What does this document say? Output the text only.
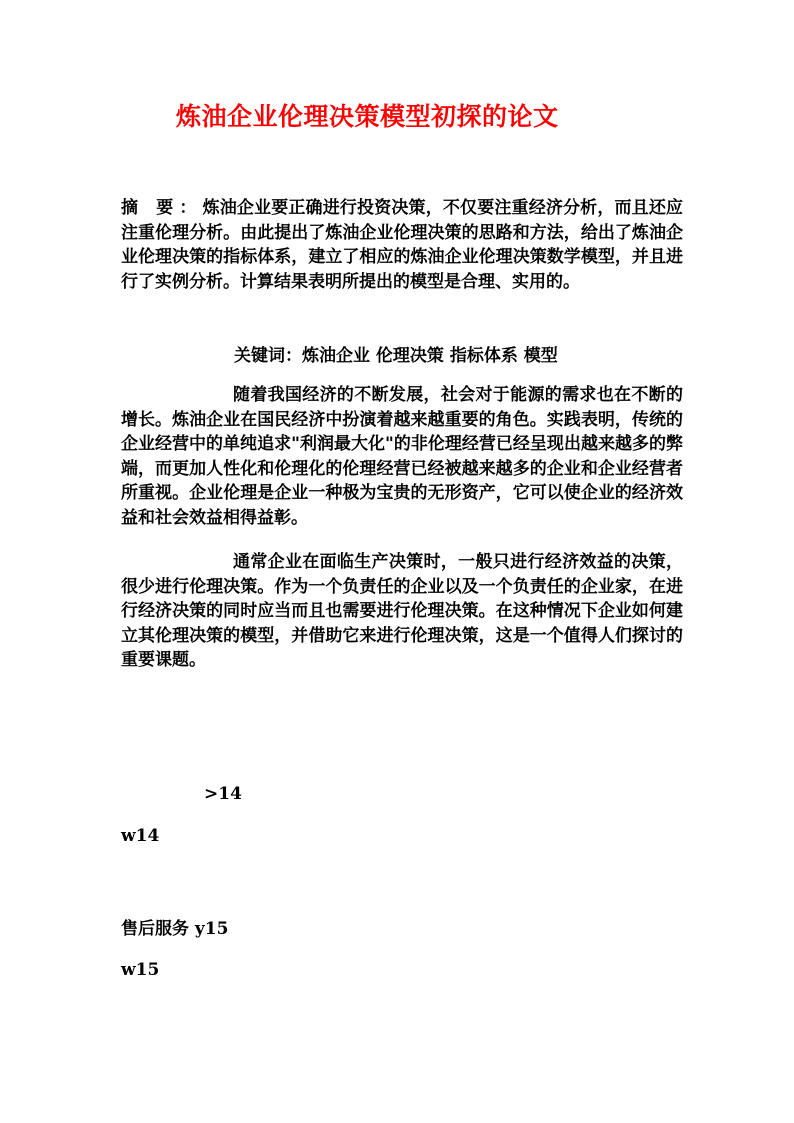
炼油企业伦理决策模型初探的论文

摘 要：炼油企业要正确进行投资决策，不仅要注重经济分析，而且还应注重伦理分析。由此提出了炼油企业伦理决策的思路和方法，给出了炼油企业伦理决策的指标体系，建立了相应的炼油企业伦理决策数学模型，并且进行了实例分析。计算结果表明所提出的模型是合理、实用的。

关键词：炼油企业 伦理决策 指标体系 模型

随着我国经济的不断发展，社会对于能源的需求也在不断的增长。炼油企业在国民经济中扮演着越来越重要的角色。实践表明，传统的企业经营中的单纯追求"利润最大化"的非伦理经营已经呈现出越来越多的弊端，而更加人性化和伦理化的伦理经营已经被越来越多的企业和企业经营者所重视。企业伦理是企业一种极为宝贵的无形资产，它可以使企业的经济效益和社会效益相得益彰。

通常企业在面临生产决策时，一般只进行经济效益的决策，很少进行伦理决策。作为一个负责任的企业以及一个负责任的企业家，在进行经济决策的同时应当而且也需要进行伦理决策。在这种情况下企业如何建立其伦理决策的模型，并借助它来进行伦理决策，这是一个值得人们探讨的重要课题。

>14
w14
售后服务 y15
w15
